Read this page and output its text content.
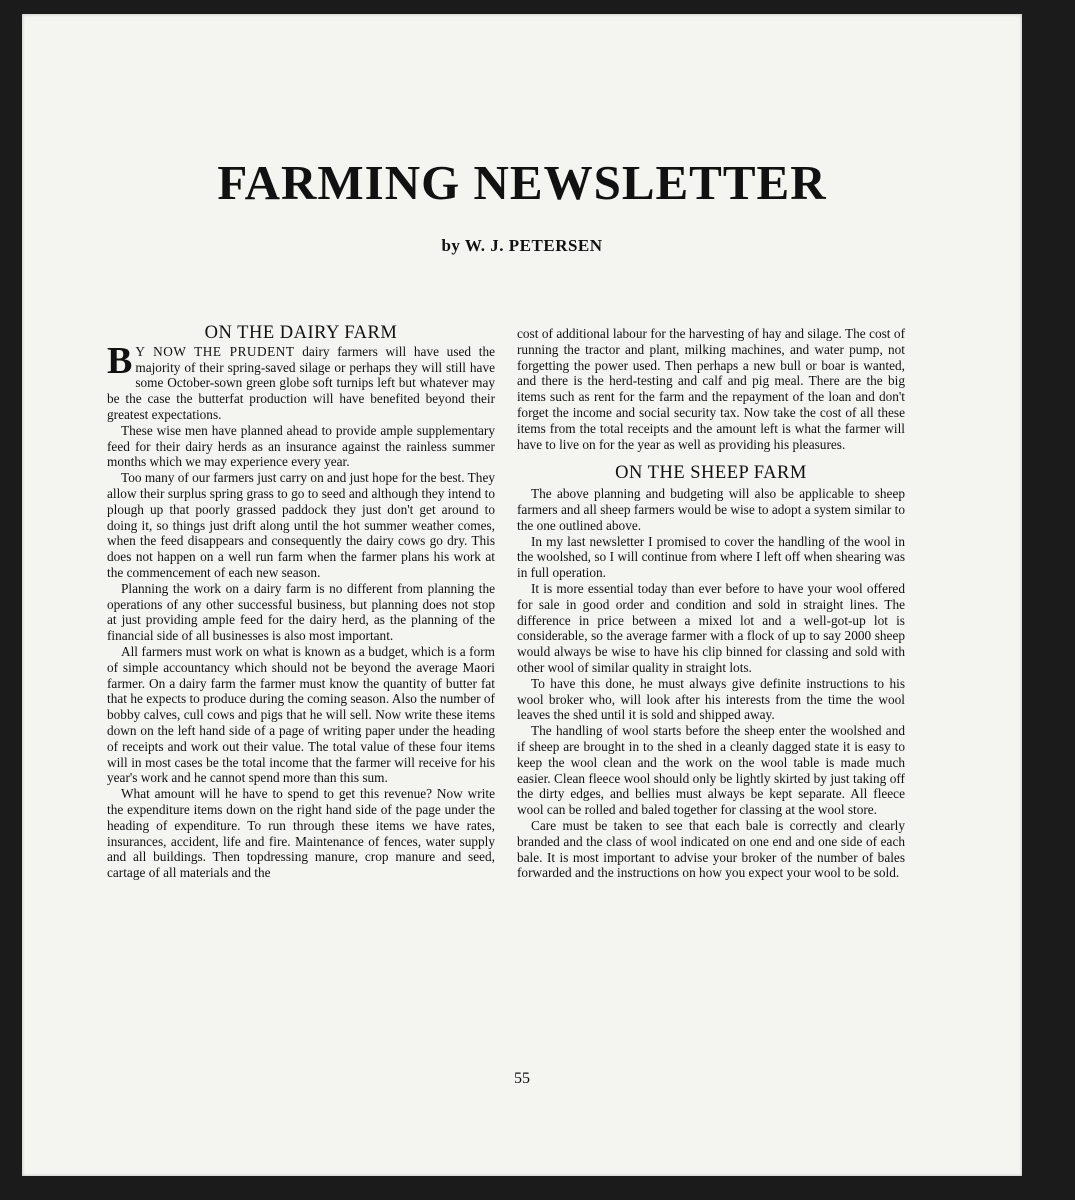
FARMING NEWSLETTER

by W. J. PETERSEN

ON THE DAIRY FARM

B Y NOW THE PRUDENT dairy farmers will have used the majority of their spring-saved silage or perhaps they will still have some October-sown green globe soft turnips left but whatever may be the case the butterfat production will have benefited beyond their greatest expectations.

These wise men have planned ahead to provide ample supplementary feed for their dairy herds as an insurance against the rainless summer months which we may experience every year.

Too many of our farmers just carry on and just hope for the best. They allow their surplus spring grass to go to seed and although they intend to plough up that poorly grassed paddock they just don't get around to doing it, so things just drift along until the hot summer weather comes, when the feed disappears and consequently the dairy cows go dry. This does not happen on a well run farm when the farmer plans his work at the commencement of each new season.

Planning the work on a dairy farm is no different from planning the operations of any other successful business, but planning does not stop at just providing ample feed for the dairy herd, as the planning of the financial side of all businesses is also most important.

All farmers must work on what is known as a budget, which is a form of simple accountancy which should not be beyond the average Maori farmer. On a dairy farm the farmer must know the quantity of butter fat that he expects to produce during the coming season. Also the number of bobby calves, cull cows and pigs that he will sell. Now write these items down on the left hand side of a page of writing paper under the heading of receipts and work out their value. The total value of these four items will in most cases be the total income that the farmer will receive for his year's work and he cannot spend more than this sum.

What amount will he have to spend to get this revenue? Now write the expenditure items down on the right hand side of the page under the heading of expenditure. To run through these items we have rates, insurances, accident, life and fire. Maintenance of fences, water supply and all buildings. Then topdressing manure, crop manure and seed, cartage of all materials and the

cost of additional labour for the harvesting of hay and silage. The cost of running the tractor and plant, milking machines, and water pump, not forgetting the power used. Then perhaps a new bull or boar is wanted, and there is the herd-testing and calf and pig meal. There are the big items such as rent for the farm and the repayment of the loan and don't forget the income and social security tax. Now take the cost of all these items from the total receipts and the amount left is what the farmer will have to live on for the year as well as providing his pleasures.

ON THE SHEEP FARM

The above planning and budgeting will also be applicable to sheep farmers and all sheep farmers would be wise to adopt a system similar to the one outlined above.

In my last newsletter I promised to cover the handling of the wool in the woolshed, so I will continue from where I left off when shearing was in full operation.

It is more essential today than ever before to have your wool offered for sale in good order and condition and sold in straight lines. The difference in price between a mixed lot and a well-got-up lot is considerable, so the average farmer with a flock of up to say 2000 sheep would always be wise to have his clip binned for classing and sold with other wool of similar quality in straight lots.

To have this done, he must always give definite instructions to his wool broker who, will look after his interests from the time the wool leaves the shed until it is sold and shipped away.

The handling of wool starts before the sheep enter the woolshed and if sheep are brought in to the shed in a cleanly dagged state it is easy to keep the wool clean and the work on the wool table is made much easier. Clean fleece wool should only be lightly skirted by just taking off the dirty edges, and bellies must always be kept separate. All fleece wool can be rolled and baled together for classing at the wool store.

Care must be taken to see that each bale is correctly and clearly branded and the class of wool indicated on one end and one side of each bale. It is most important to advise your broker of the number of bales forwarded and the instructions on how you expect your wool to be sold.

55
